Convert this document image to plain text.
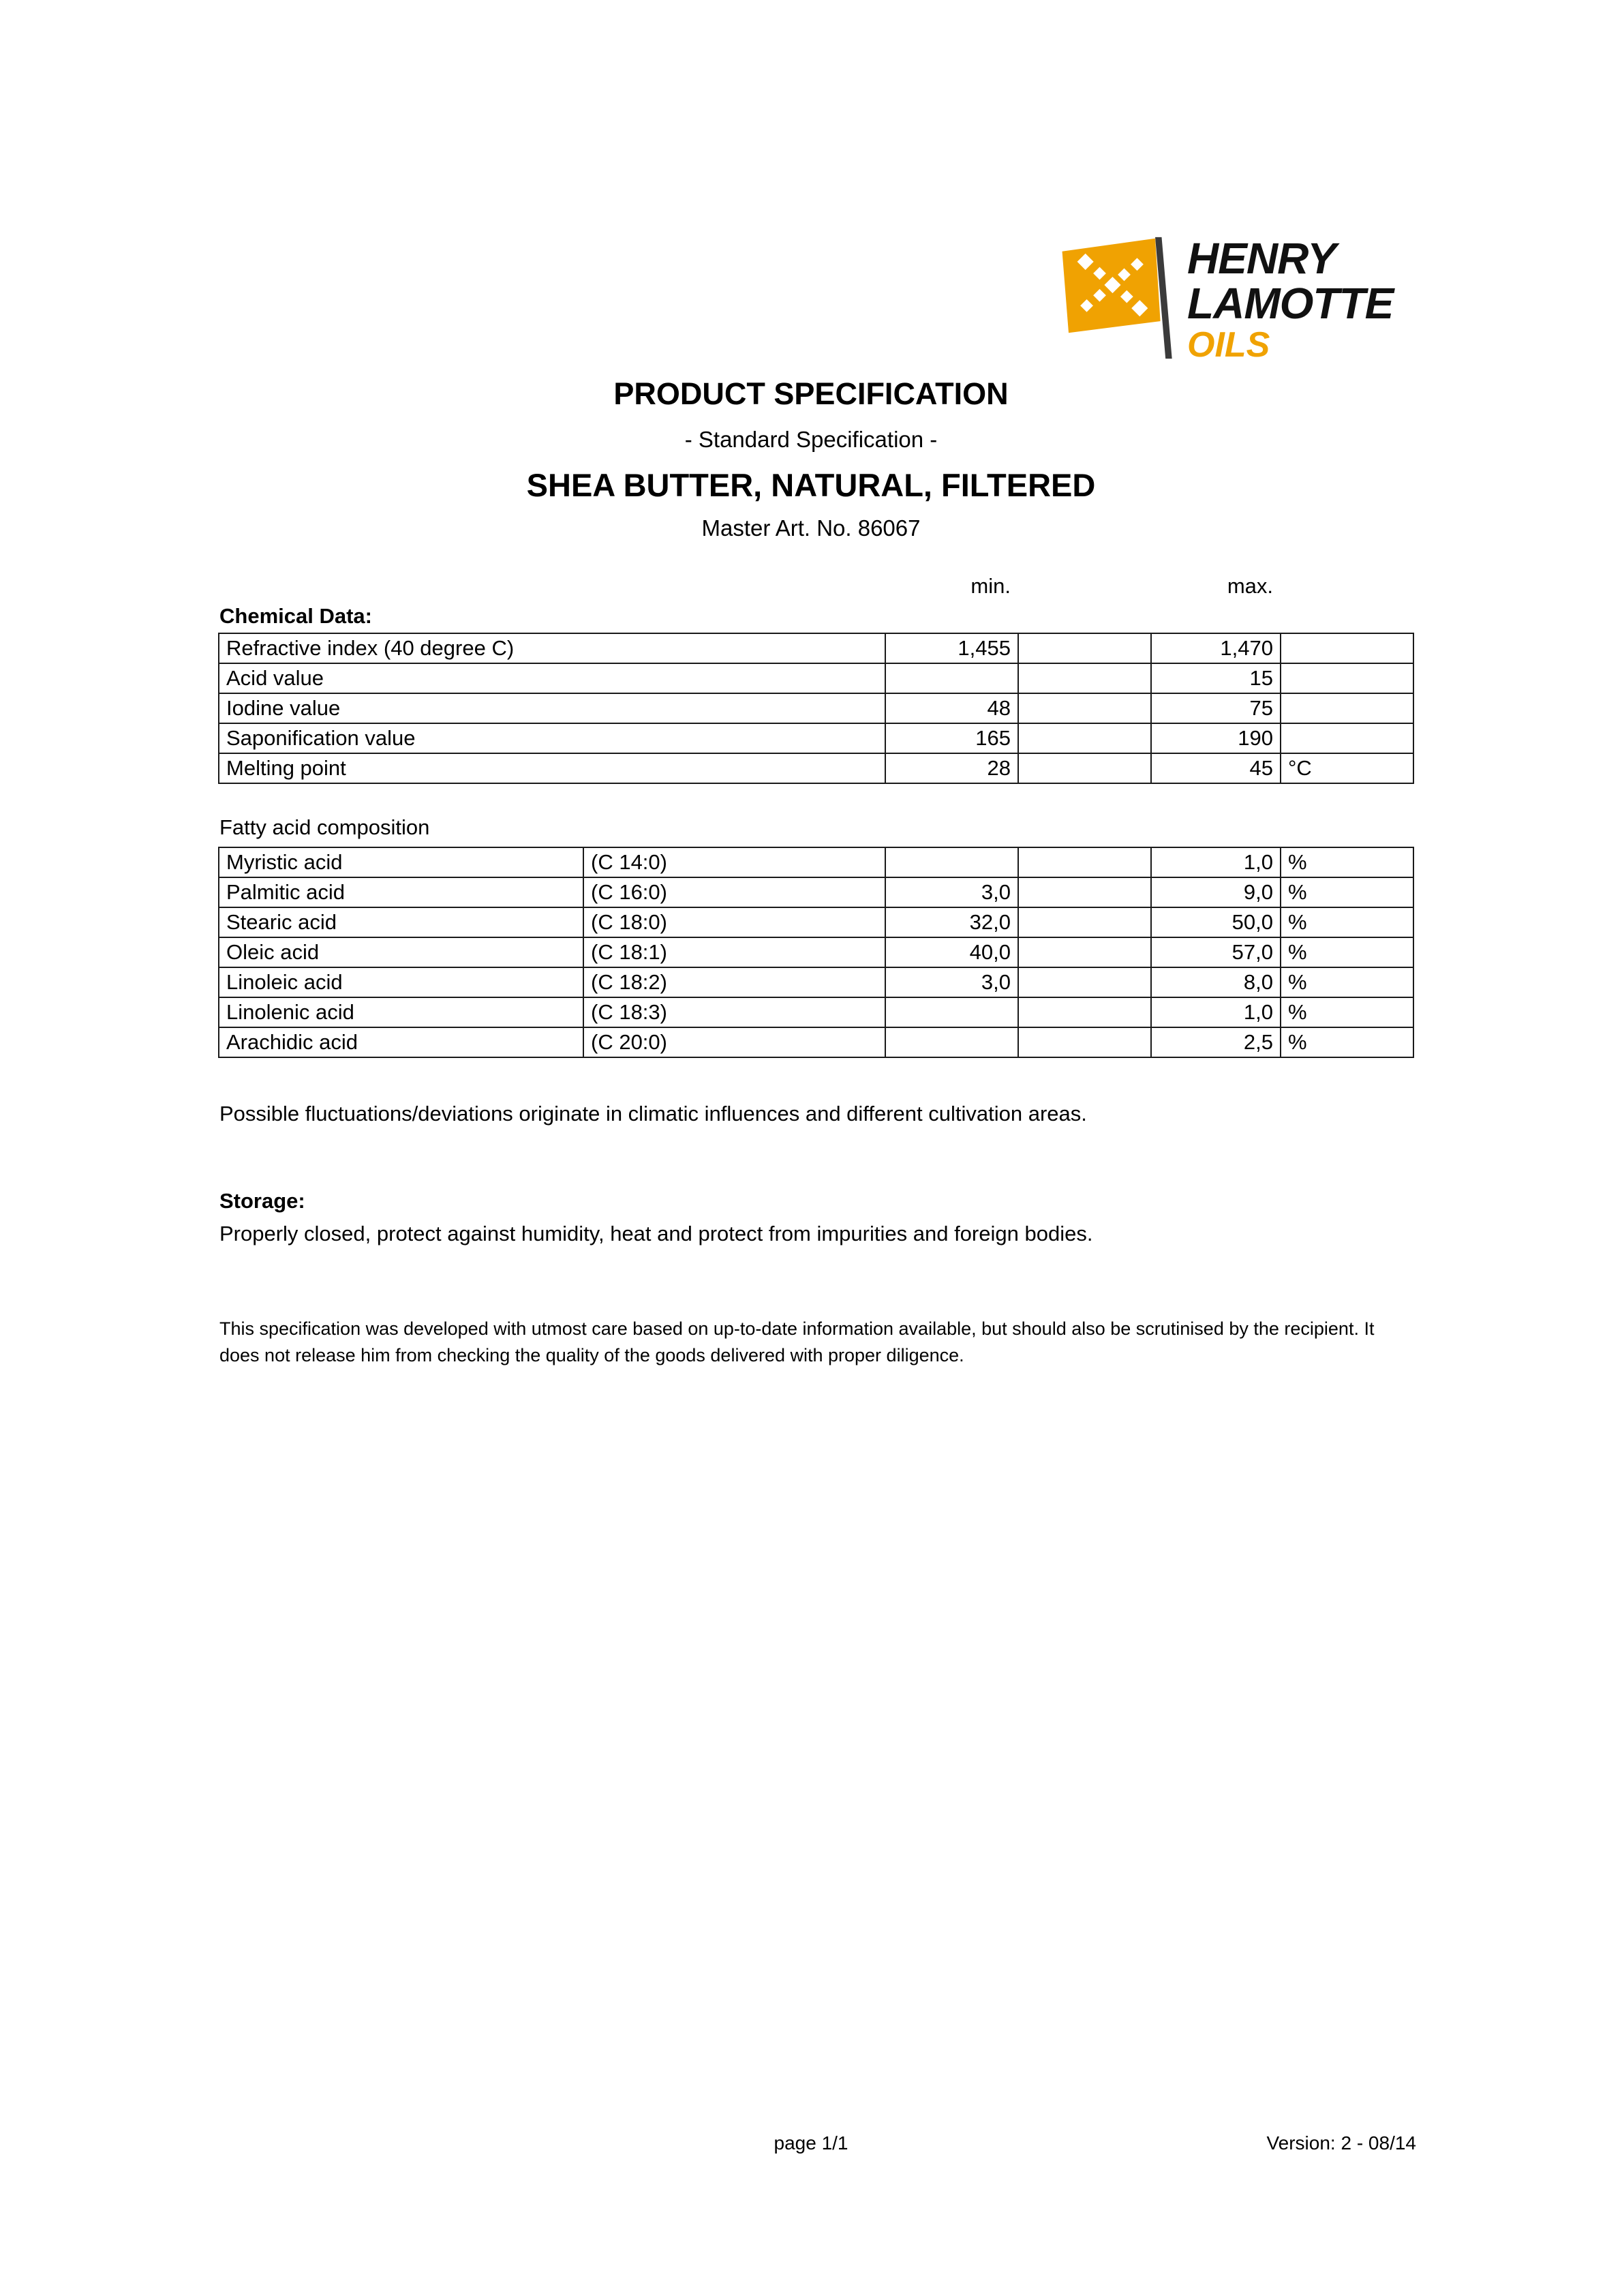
HENRY
LAMOTTE
OILS
PRODUCT SPECIFICATION
- Standard Specification -
SHEA BUTTER, NATURAL, FILTERED
Master Art. No. 86067
min.	max.
Chemical Data:
Refractive index (40 degree C)	1,455		1,470	
Acid value			15	
Iodine value	48		75	
Saponification value	165		190	
Melting point	28		45	°C
Fatty acid composition
Myristic acid	(C 14:0)			1,0	%
Palmitic acid	(C 16:0)	3,0		9,0	%
Stearic acid	(C 18:0)	32,0		50,0	%
Oleic acid	(C 18:1)	40,0		57,0	%
Linoleic acid	(C 18:2)	3,0		8,0	%
Linolenic acid	(C 18:3)			1,0	%
Arachidic acid	(C 20:0)			2,5	%
Possible fluctuations/deviations originate in climatic influences and different cultivation areas.
Storage:
Properly closed, protect against humidity, heat and protect from impurities and foreign bodies.
This specification was developed with utmost care based on up-to-date information available, but should also be scrutinised by the recipient. It does not release him from checking the quality of the goods delivered with proper diligence.
page 1/1	Version: 2 - 08/14
